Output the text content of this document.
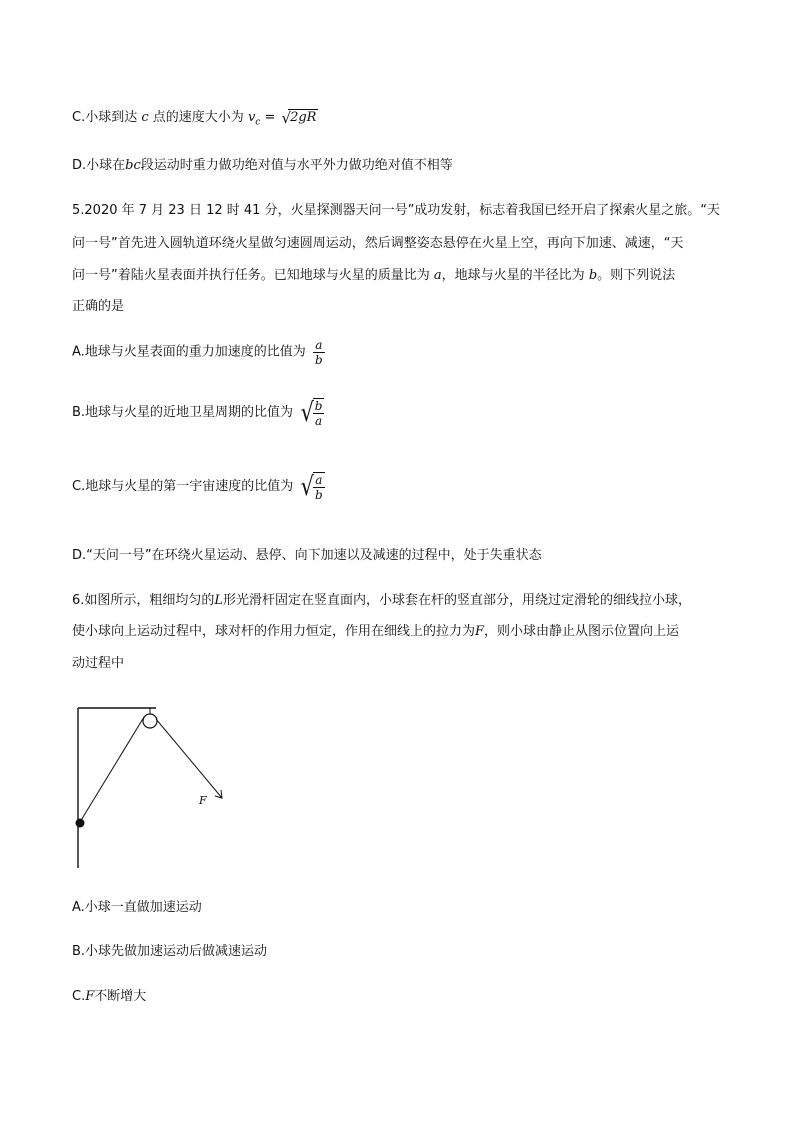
C.小球到达 c 点的速度大小为 $v_c = √2gR$
D.小球在bc段运动时重力做功绝对值与水平外力做功绝对值不相等
5.2020 年 7 月 23 日 12 时 41 分，火星探测器天问一号”成功发射，标志着我国已经开启了探索火星之旅。“天
问一号”首先进入圆轨道环绕火星做匀速圆周运动，然后调整姿态悬停在火星上空，再向下加速、减速，“天
问一号”着陆火星表面并执行任务。已知地球与火星的质量比为 a，地球与火星的半径比为 b。则下列说法
正确的是
A.地球与火星表面的重力加速度的比值为 $\frac{a}{b}$
B.地球与火星的近地卫星周期的比值为 √
$\frac{b}{a}$
C.地球与火星的第一宇宙速度的比值为 √
$\frac{a}{b}$
D.“天问一号”在环绕火星运动、悬停、向下加速以及减速的过程中，处于失重状态
6.如图所示，粗细均匀的L形光滑杆固定在竖直面内，小球套在杆的竖直部分，用绕过定滑轮的细线拉小球，
使小球向上运动过程中，球对杆的作用力恒定，作用在细线上的拉力为F，则小球由静止从图示位置向上运
动过程中
F
A.小球一直做加速运动
B.小球先做加速运动后做减速运动
C.F不断增大
